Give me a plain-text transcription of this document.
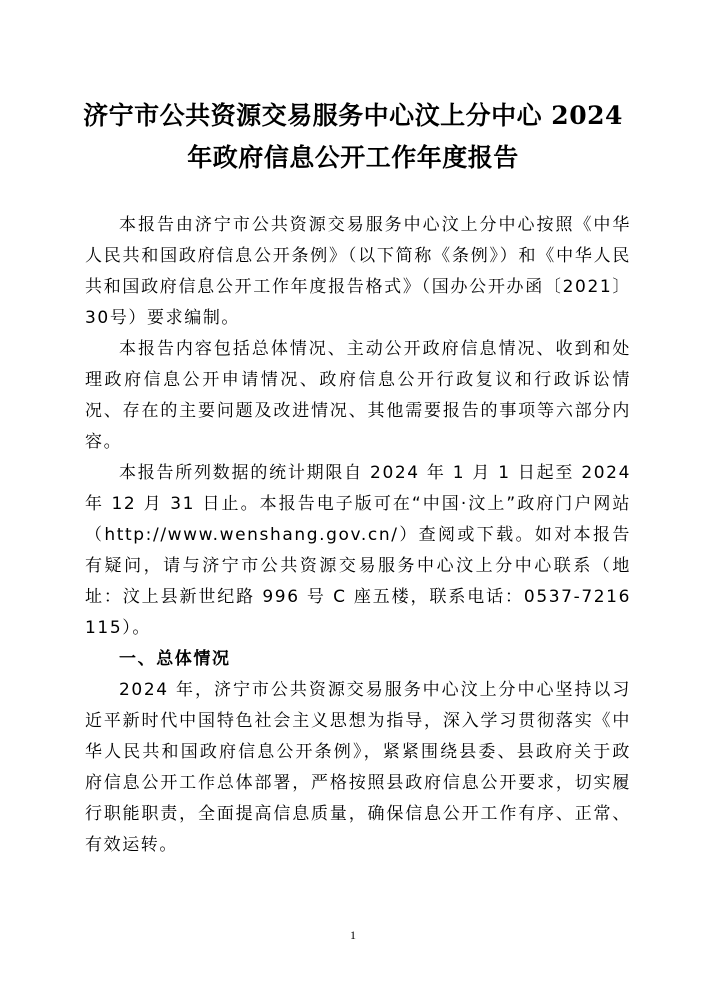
济宁市公共资源交易服务中心汶上分中心 2024
年政府信息公开工作年度报告

本报告由济宁市公共资源交易服务中心汶上分中心按照《中华人民共和国政府信息公开条例》（以下简称《条例》）和《中华人民共和国政府信息公开工作年度报告格式》（国办公开办函〔2021〕30号）要求编制。

本报告内容包括总体情况、主动公开政府信息情况、收到和处理政府信息公开申请情况、政府信息公开行政复议和行政诉讼情况、存在的主要问题及改进情况、其他需要报告的事项等六部分内容。

本报告所列数据的统计期限自 2024 年 1 月 1 日起至 2024 年 12 月 31 日止。本报告电子版可在“中国·汶上”政府门户网站（http://www.wenshang.gov.cn/）查阅或下载。如对本报告有疑问，请与济宁市公共资源交易服务中心汶上分中心联系（地址：汶上县新世纪路 996 号 C 座五楼，联系电话：0537-7216115）。

一、总体情况

2024 年，济宁市公共资源交易服务中心汶上分中心坚持以习近平新时代中国特色社会主义思想为指导，深入学习贯彻落实《中华人民共和国政府信息公开条例》，紧紧围绕县委、县政府关于政府信息公开工作总体部署，严格按照县政府信息公开要求，切实履行职能职责，全面提高信息质量，确保信息公开工作有序、正常、有效运转。

1
